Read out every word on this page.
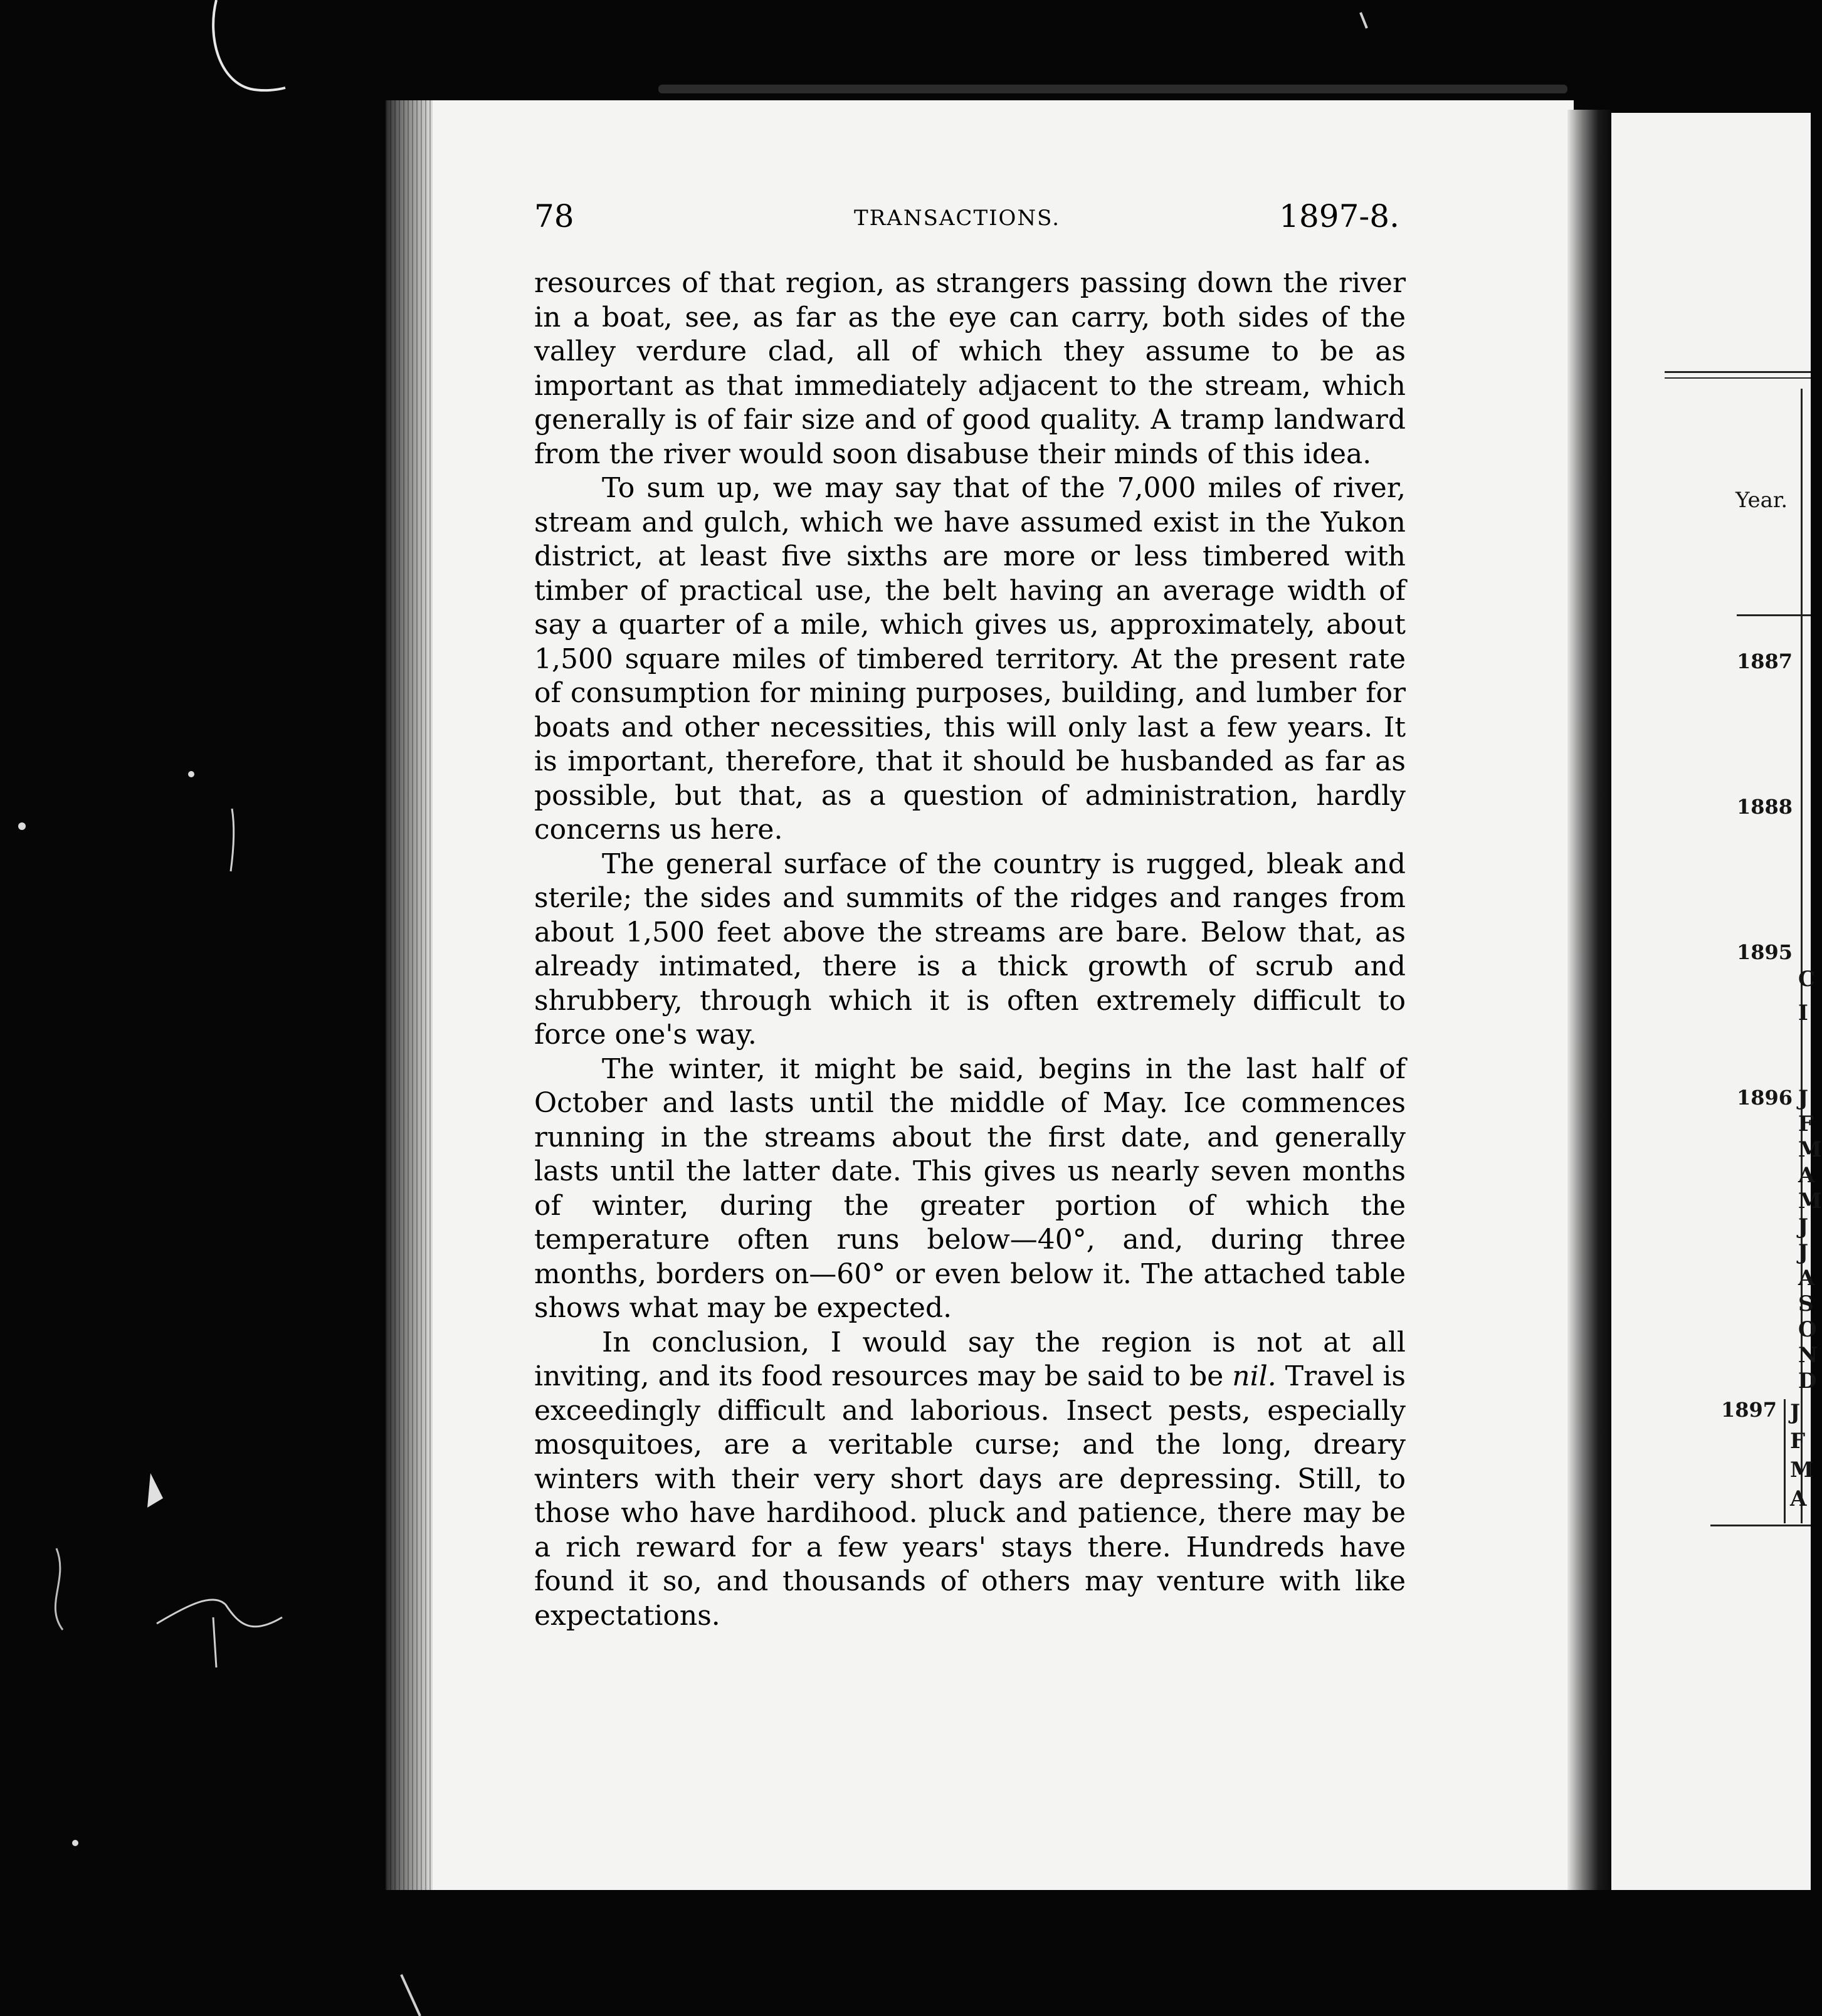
78	TRANSACTIONS.	1897-8.

resources of that region, as strangers passing down the river in a boat, see, as far as the eye can carry, both sides of the valley verdure clad, all of which they assume to be as important as that immediately adjacent to the stream, which generally is of fair size and of good quality. A tramp landward from the river would soon disabuse their minds of this idea.

To sum up, we may say that of the 7,000 miles of river, stream and gulch, which we have assumed exist in the Yukon district, at least five sixths are more or less timbered with timber of practical use, the belt having an average width of say a quarter of a mile, which gives us, approximately, about 1,500 square miles of timbered territory. At the present rate of consumption for mining purposes, building, and lumber for boats and other necessities, this will only last a few years. It is important, therefore, that it should be husbanded as far as possible, but that, as a question of administration, hardly concerns us here.

The general surface of the country is rugged, bleak and sterile; the sides and summits of the ridges and ranges from about 1,500 feet above the streams are bare. Below that, as already intimated, there is a thick growth of scrub and shrubbery, through which it is often extremely difficult to force one's way.

The winter, it might be said, begins in the last half of October and lasts until the middle of May. Ice commences running in the streams about the first date, and generally lasts until the latter date. This gives us nearly seven months of winter, during the greater portion of which the temperature often runs below—40°, and, during three months, borders on—60° or even below it. The attached table shows what may be expected.

In conclusion, I would say the region is not at all inviting, and its food resources may be said to be nil. Travel is exceedingly difficult and laborious. Insect pests, especially mosquitoes, are a veritable curse; and the long, dreary winters with their very short days are depressing. Still, to those who have hardihood. pluck and patience, there may be a rich reward for a few years' stays there. Hundreds have found it so, and thousands of others may venture with like expectations.

Year.
1887
1888
1895
1896
1897
C
I
J
F
M
A
M
J
J
A
S
O
N
D
J
F
M
A
